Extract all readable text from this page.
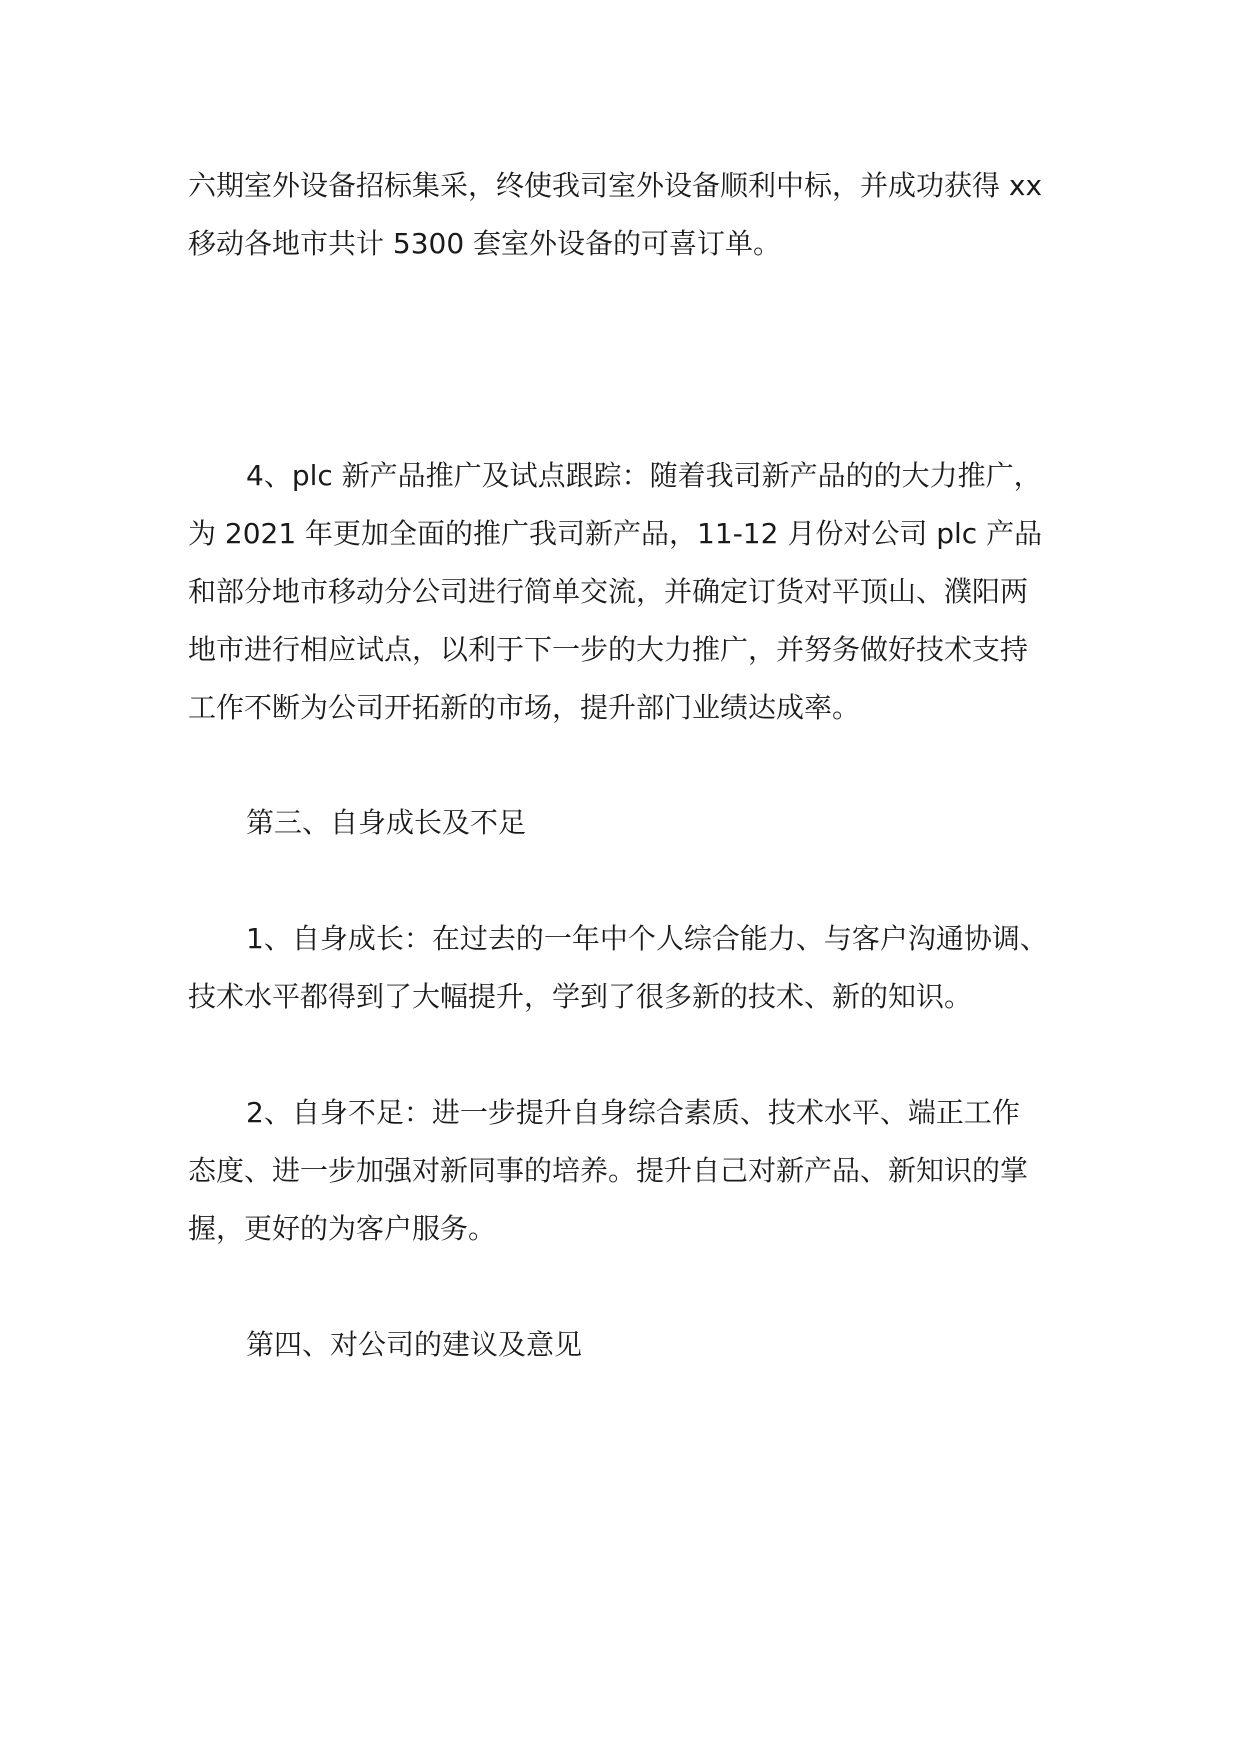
六期室外设备招标集采，终使我司室外设备顺利中标，并成功获得 xx

移动各地市共计 5300 套室外设备的可喜订单。

4、plc 新产品推广及试点跟踪：随着我司新产品的的大力推广，

为 2021 年更加全面的推广我司新产品，11-12 月份对公司 plc 产品

和部分地市移动分公司进行简单交流，并确定订货对平顶山、濮阳两

地市进行相应试点，以利于下一步的大力推广，并努务做好技术支持

工作不断为公司开拓新的市场，提升部门业绩达成率。

第三、自身成长及不足

1、自身成长：在过去的一年中个人综合能力、与客户沟通协调、

技术水平都得到了大幅提升，学到了很多新的技术、新的知识。

2、自身不足：进一步提升自身综合素质、技术水平、端正工作

态度、进一步加强对新同事的培养。提升自己对新产品、新知识的掌

握，更好的为客户服务。

第四、对公司的建议及意见
